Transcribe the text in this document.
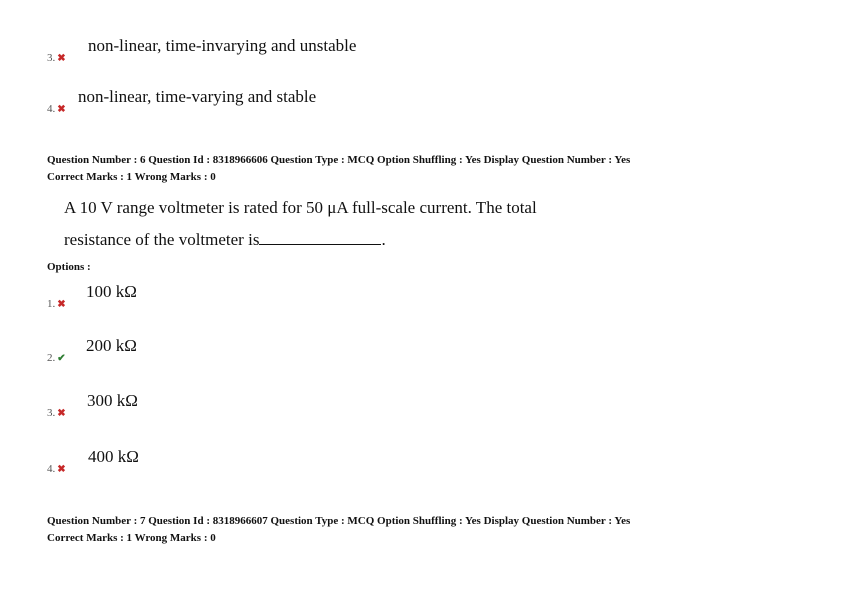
non-linear, time-invarying and unstable
3. ✖
non-linear, time-varying and stable
4. ✖
Question Number : 6 Question Id : 8318966606 Question Type : MCQ Option Shuffling : Yes Display Question Number : Yes
Correct Marks : 1 Wrong Marks : 0
A 10 V range voltmeter is rated for 50 μA full-scale current. The total
resistance of the voltmeter is	.
Options :
100 kΩ
1. ✖
200 kΩ
2. ✔
300 kΩ
3. ✖
400 kΩ
4. ✖
Question Number : 7 Question Id : 8318966607 Question Type : MCQ Option Shuffling : Yes Display Question Number : Yes
Correct Marks : 1 Wrong Marks : 0
